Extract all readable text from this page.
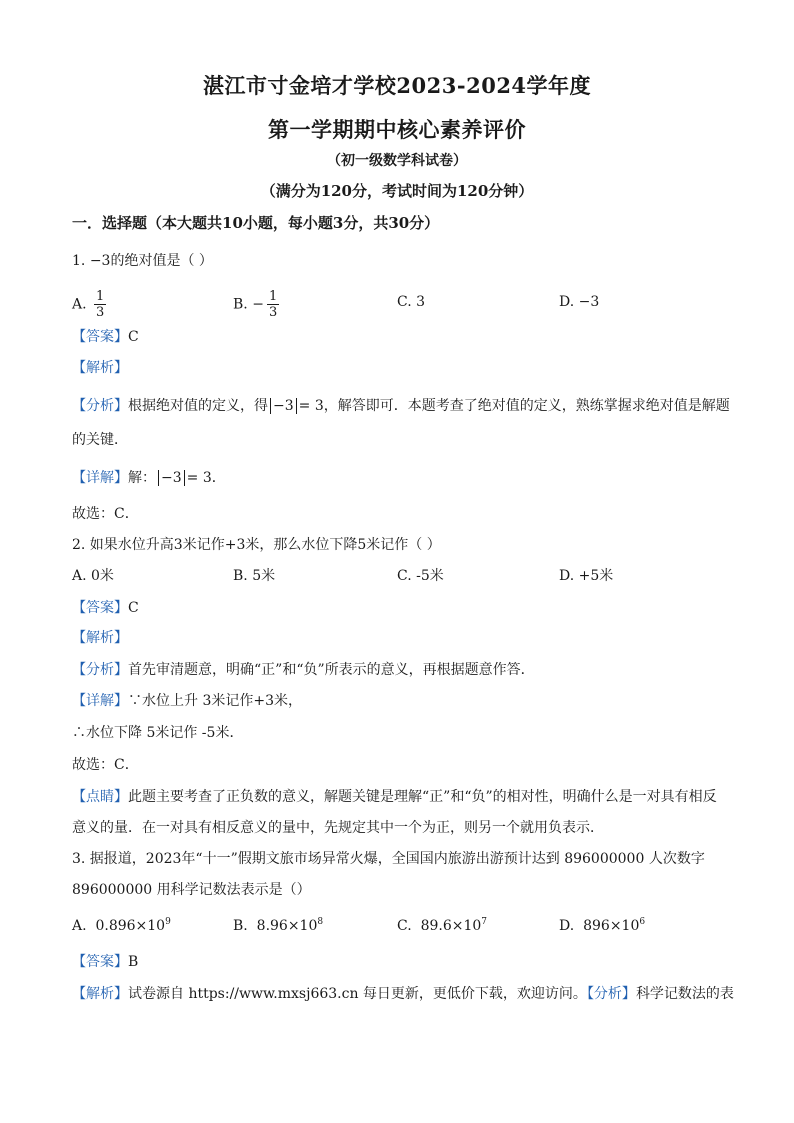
湛江市寸金培才学校2023-2024学年度
第一学期期中核心素养评价
（初一级数学科试卷）
（满分为120分，考试时间为120分钟）
一．选择题（本大题共10小题，每小题3分，共30分）
1. −3的绝对值是（ ）
A. $\frac{1}{3}$	B. − $\frac{1}{3}$	C. 3	D. −3
【答案】C
【解析】
【分析】根据绝对值的定义，得 −3 = 3，解答即可．本题考查了绝对值的定义，熟练掌握求绝对值是解题
的关键．
【详解】解： −3 = 3．
故选：C．
2. 如果水位升高3米记作+3米，那么水位下降5米记作（ ）
A. 0米	B. 5米	C. -5米	D. +5米
【答案】C
【解析】
【分析】首先审清题意，明确“正”和“负”所表示的意义，再根据题意作答．
【详解】∵水位上升 3米记作+3米，
∴水位下降 5米记作 -5米．
故选：C．
【点睛】此题主要考查了正负数的意义，解题关键是理解“正”和“负”的相对性，明确什么是一对具有相反
意义的量．在一对具有相反意义的量中，先规定其中一个为正，则另一个就用负表示．
3. 据报道，2023年“十一”假期文旅市场异常火爆，全国国内旅游出游预计达到 896000000 人次数字
896000000 用科学记数法表示是（）
A. $0.896\times 10^9$	B. $8.96\times 10^8$	C. $89.6\times 10^7$	D. $896\times 10^6$
【答案】B
【解析】试卷源自 https://www.mxsj663.cn 每日更新，更低价下载，欢迎访问。【分析】科学记数法的表
